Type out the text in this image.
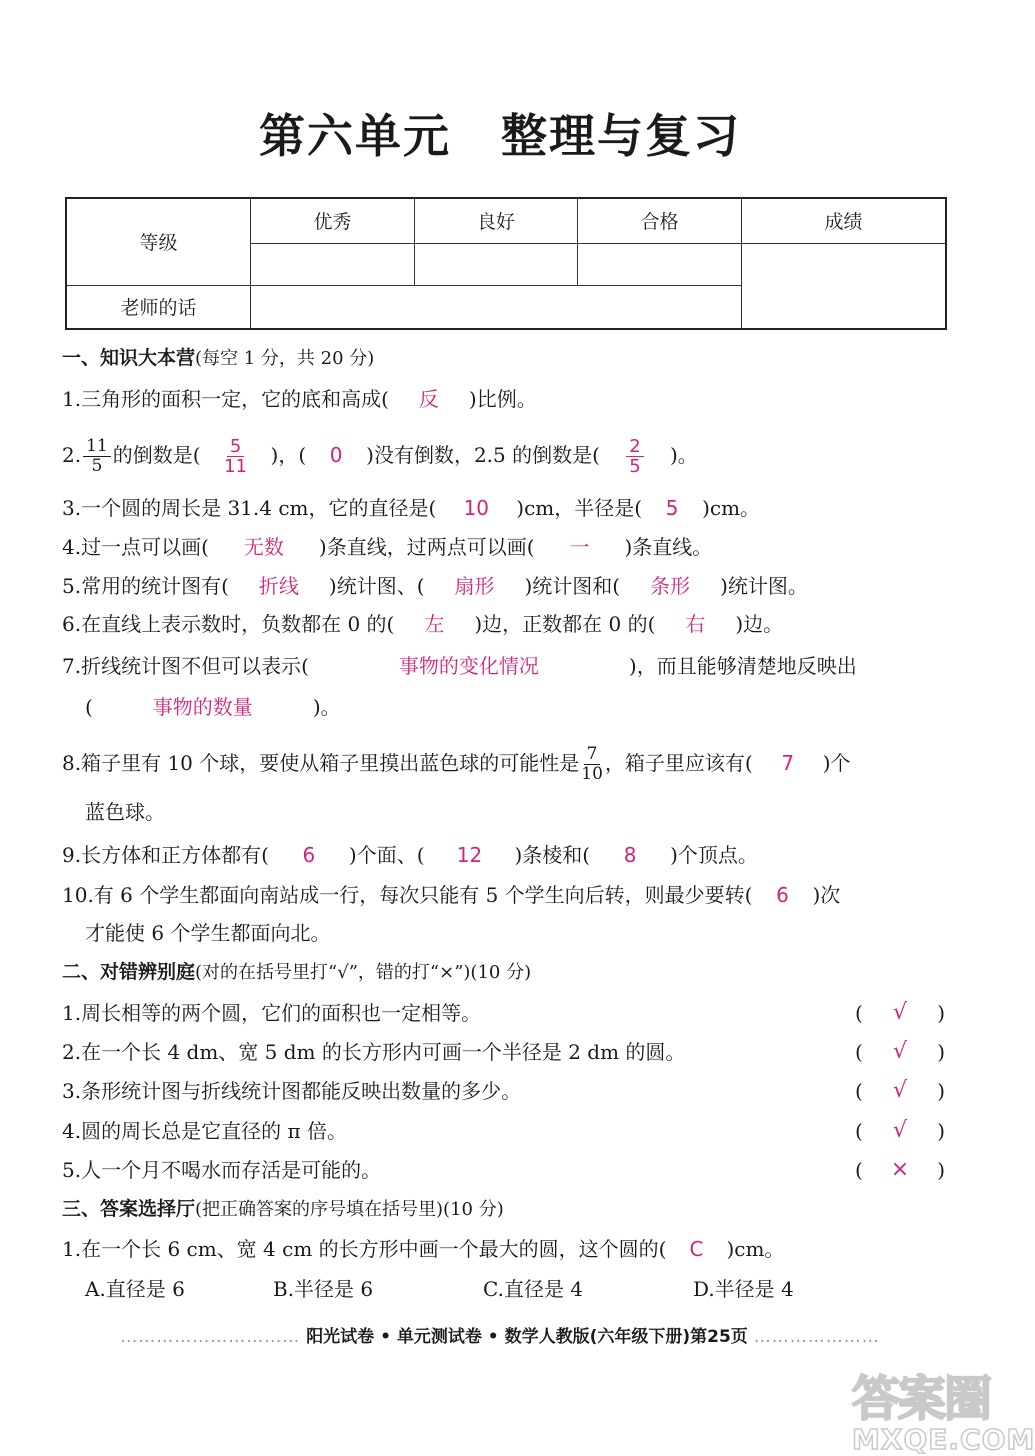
第六单元 整理与复习
等级	优秀	良好	合格	成绩

老师的话				
一、知识大本营(每空 1 分，共 20 分)
1.三角形的面积一定，它的底和高成( 反 )比例。
2. $\frac{11}{5}$ 的倒数是( $\frac{5}{11}$ )，( 0 )没有倒数，2.5 的倒数是( $\frac{2}{5}$ )。
3.一个圆的周长是 31.4 cm，它的直径是( 10 )cm，半径是( 5 )cm。
4.过一点可以画( 无数 )条直线，过两点可以画( 一 )条直线。
5.常用的统计图有( 折线 )统计图、( 扇形 )统计图和( 条形 )统计图。
6.在直线上表示数时，负数都在 0 的( 左 )边，正数都在 0 的( 右 )边。
7.折线统计图不但可以表示(	事物的变化情况	)，而且能够清楚地反映出
(	事物的数量	)。
8.箱子里有 10 个球，要使从箱子里摸出蓝色球的可能性是 $\frac{7}{10}$ ，箱子里应该有( 7 )个
蓝色球。
9.长方体和正方体都有( 6 )个面、( 12 )条棱和( 8 )个顶点。
10.有 6 个学生都面向南站成一行，每次只能有 5 个学生向后转，则最少要转( 6 )次
才能使 6 个学生都面向北。
二、对错辨别庭(对的在括号里打“√”，错的打“×”)(10 分)
1.周长相等的两个圆，它们的面积也一定相等。	( √ )
2.在一个长 4 dm、宽 5 dm 的长方形内可画一个半径是 2 dm 的圆。	( √ )
3.条形统计图与折线统计图都能反映出数量的多少。	( √ )
4.圆的周长总是它直径的 π 倍。	( √ )
5.人一个月不喝水而存活是可能的。	( × )
三、答案选择厅(把正确答案的序号填在括号里)(10 分)
1.在一个长 6 cm、宽 4 cm 的长方形中画一个最大的圆，这个圆的( C )cm。
A.直径是 6	B.半径是 6	C.直径是 4	D.半径是 4
………………………… 阳光试卷 • 单元测试卷 • 数学人教版(六年级下册)第25页 …………………
答案圈
MXQE.COM
